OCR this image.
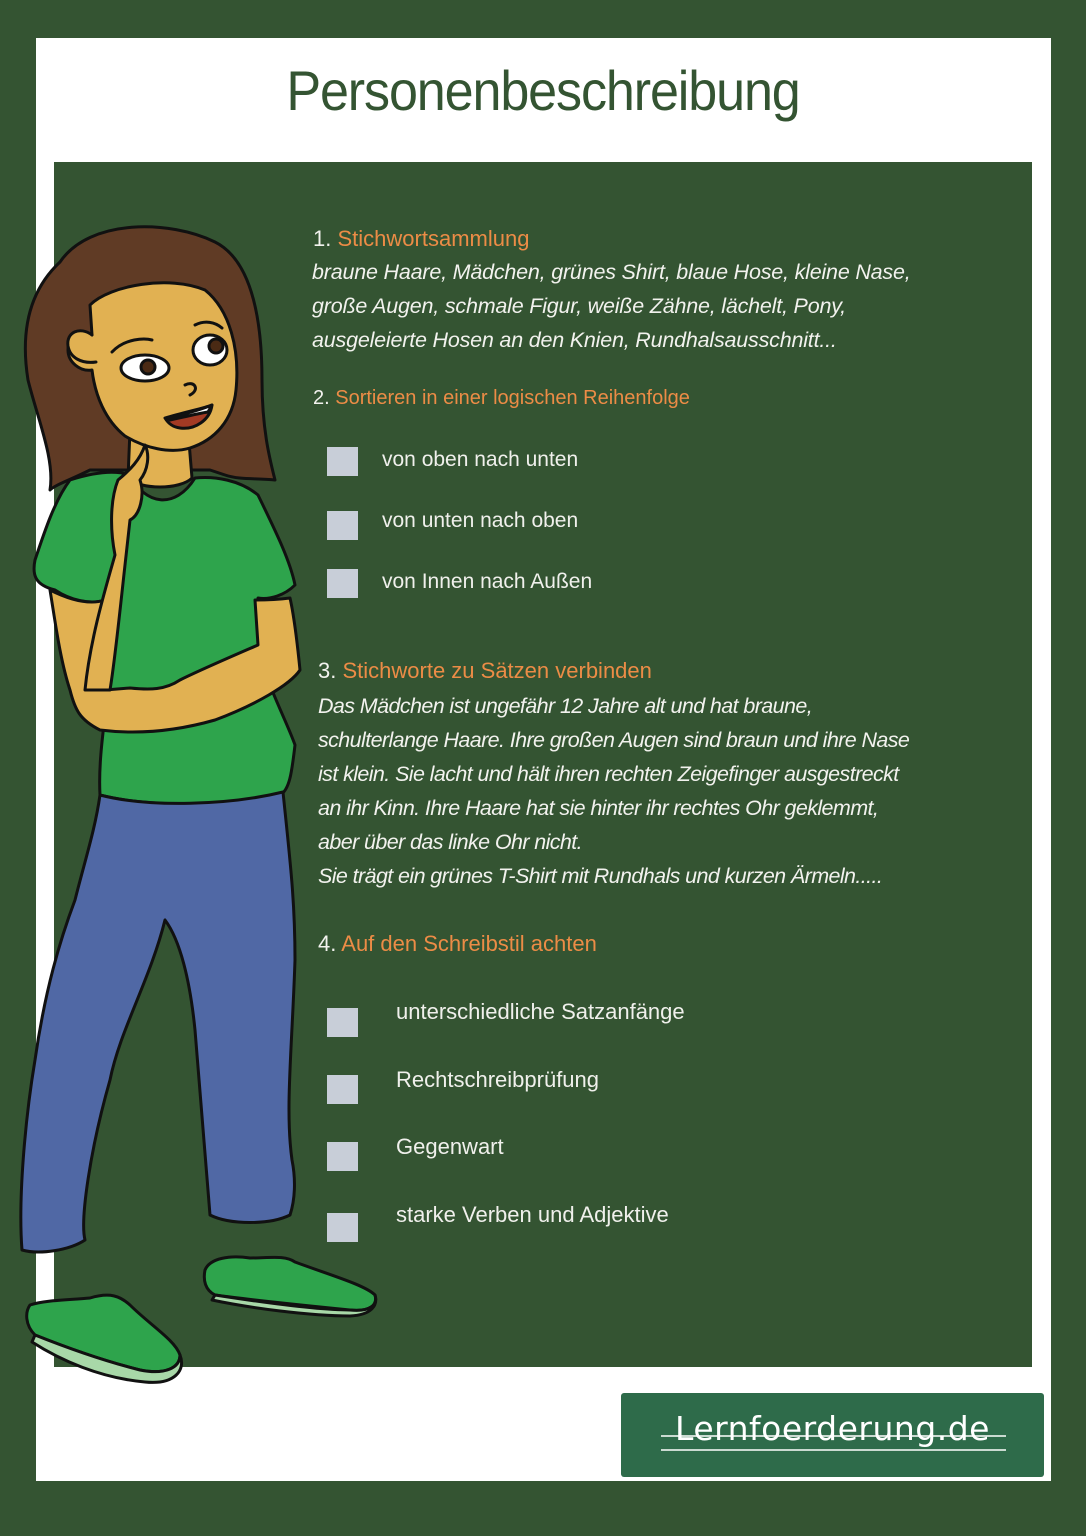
Personenbeschreibung

1. Stichwortsammlung

braune Haare, Mädchen, grünes Shirt, blaue Hose, kleine Nase,

große Augen, schmale Figur, weiße Zähne, lächelt, Pony,

ausgeleierte Hosen an den Knien, Rundhalsausschnitt...

2. Sortieren in einer logischen Reihenfolge

von oben nach unten

von unten nach oben

von Innen nach Außen

3. Stichworte zu Sätzen verbinden

Das Mädchen ist ungefähr 12 Jahre alt und hat braune,

schulterlange Haare. Ihre großen Augen sind braun und ihre Nase

ist klein. Sie lacht und hält ihren rechten Zeigefinger ausgestreckt

an ihr Kinn. Ihre Haare hat sie hinter ihr rechtes Ohr geklemmt,

aber über das linke Ohr nicht.

Sie trägt ein grünes T-Shirt mit Rundhals und kurzen Ärmeln.....

4. Auf den Schreibstil achten

unterschiedliche Satzanfänge

Rechtschreibprüfung

Gegenwart

starke Verben und Adjektive

Lernfoerderung.de
